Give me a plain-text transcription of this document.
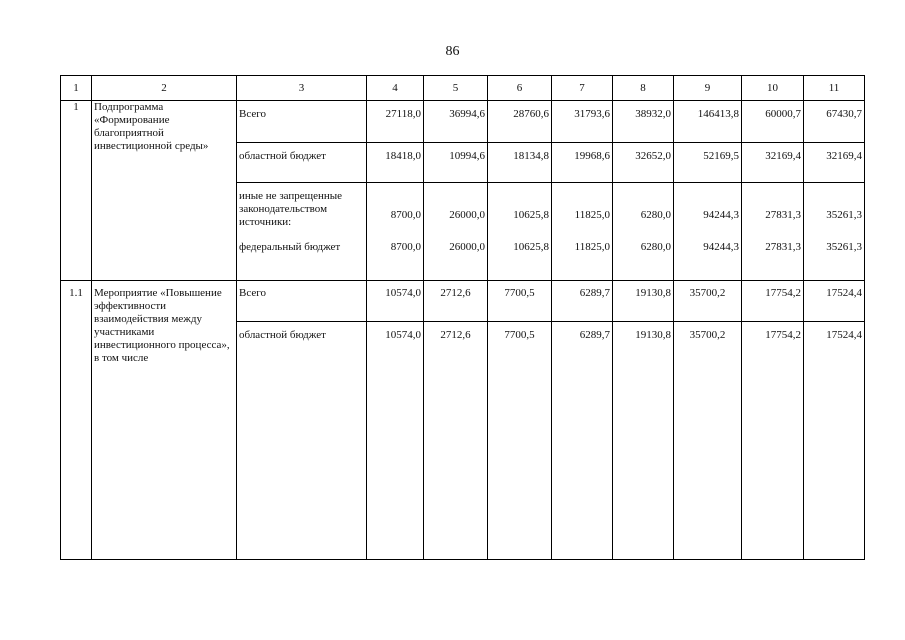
86
1	2	3	4	5	6	7	8	9	10	11
1	Подпрограмма «Формирование благоприятной инвестиционной среды»	Всего	27118,0	36994,6	28760,6	31793,6	38932,0	146413,8	60000,7	67430,7
		областной бюджет	18418,0	10994,6	18134,8	19968,6	32652,0	52169,5	32169,4	32169,4
		иные не запрещенные законодательством источники:	8700,0	26000,0	10625,8	11825,0	6280,0	94244,3	27831,3	35261,3
		федеральный бюджет	8700,0	26000,0	10625,8	11825,0	6280,0	94244,3	27831,3	35261,3
1.1	Мероприятие «Повышение эффективности взаимодействия между участниками инвестиционного процесса», в том числе	Всего	10574,0	2712,6	7700,5	6289,7	19130,8	35700,2	17754,2	17524,4
		областной бюджет	10574,0	2712,6	7700,5	6289,7	19130,8	35700,2	17754,2	17524,4
